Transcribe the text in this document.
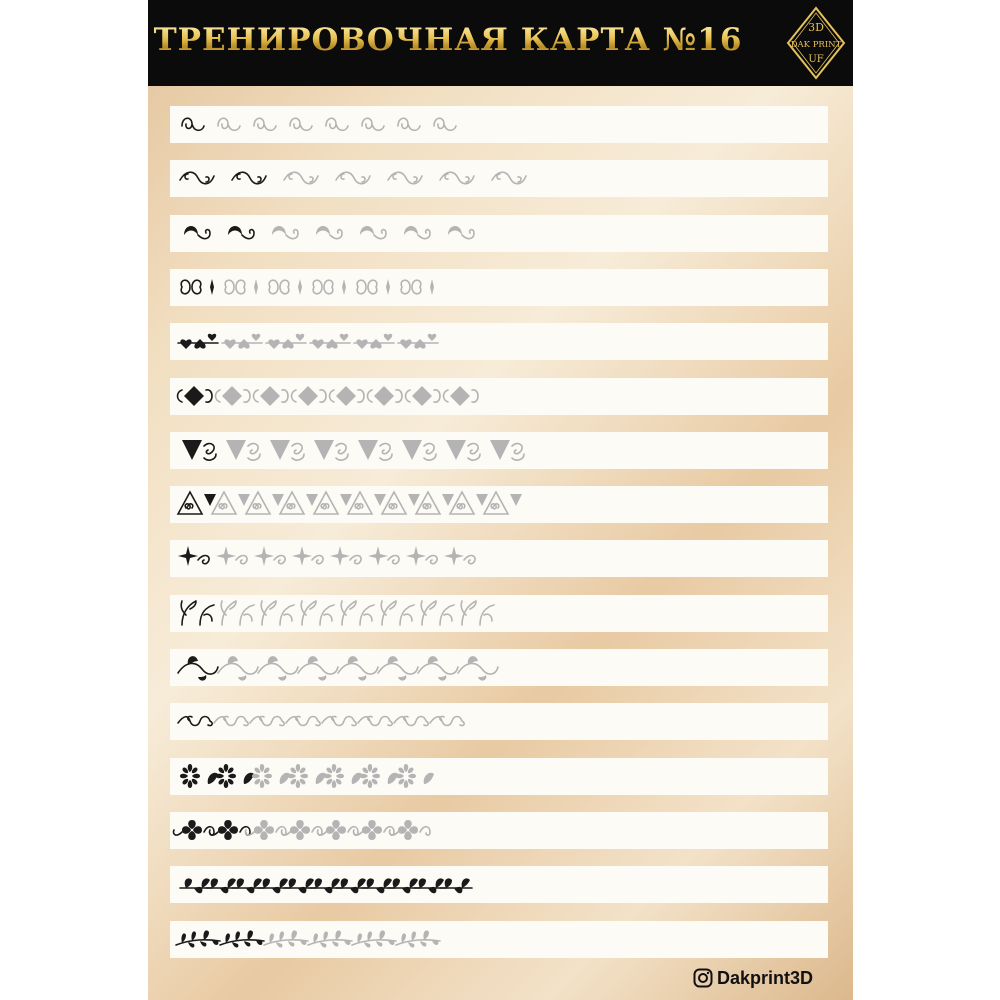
ТРЕНИРОВОЧНАЯ КАРТА №16	3D
DAK PRINT
UF
Dakprint3D
